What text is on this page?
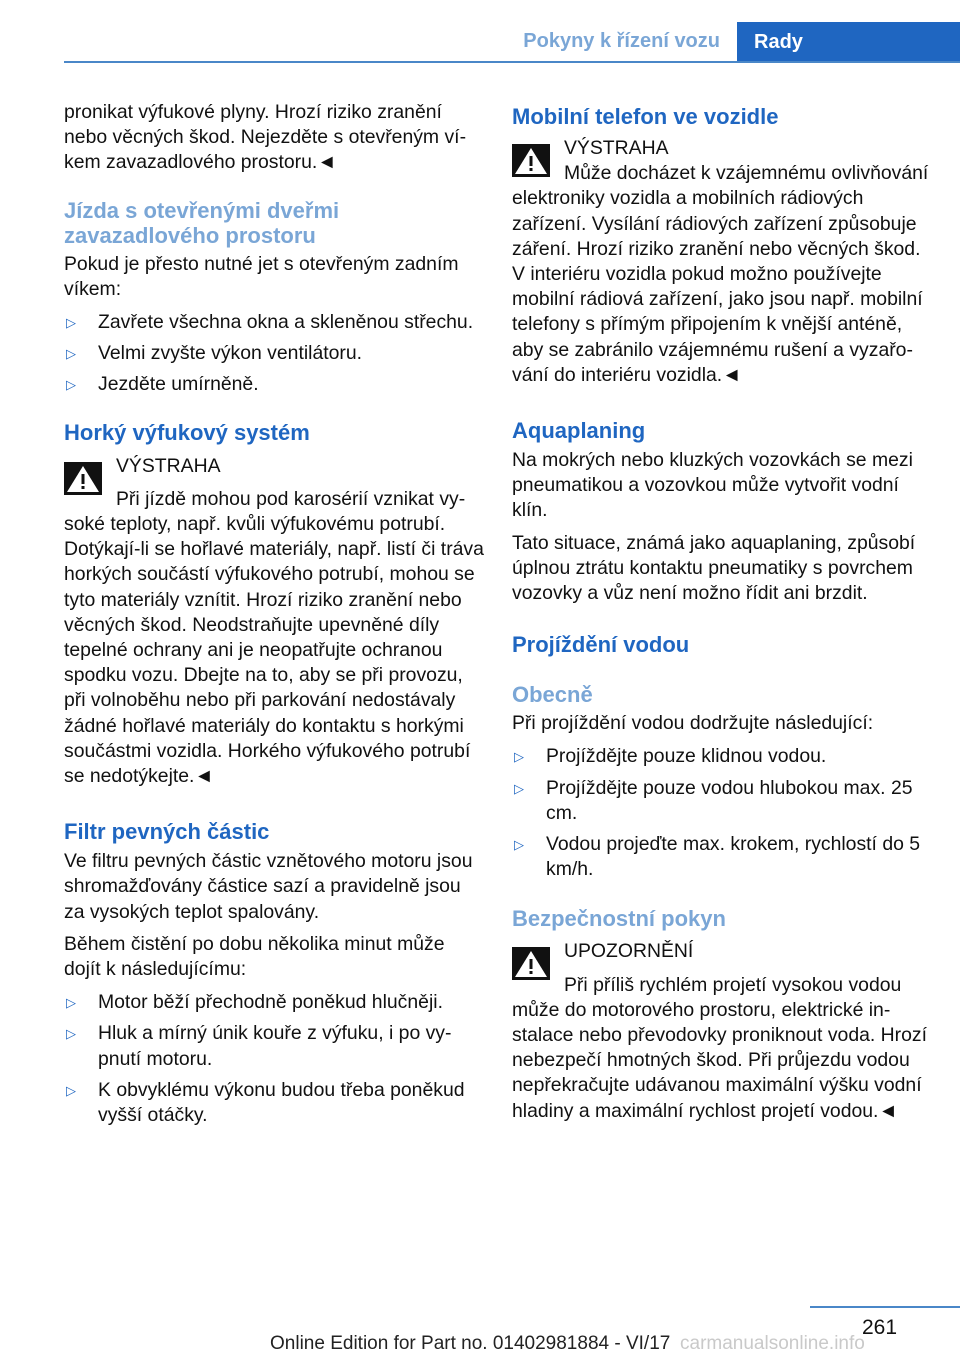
Pokyny k řízení vozu	Rady

pronikat výfukové plyny. Hrozí riziko zranění nebo věcných škod. Nejezděte s otevřeným víkem zavazadlového prostoru.◄

Jízda s otevřenými dveřmi zavazadlového prostoru

Pokud je přesto nutné jet s otevřeným zadním víkem:

▷ Zavřete všechna okna a skleněnou střechu.
▷ Velmi zvyšte výkon ventilátoru.
▷ Jezděte umírněně.
Horký výfukový systém
VÝSTRAHA
Při jízdě mohou pod karosérií vznikat vysoké teploty, např. kvůli výfukovému potrubí. Dotýkají-li se hořlavé materiály, např. listí či tráva horkých součástí výfukového potrubí, mohou se tyto materiály vznítit. Hrozí riziko zranění nebo věcných škod. Neodstraňujte upevněné díly tepelné ochrany ani je neopatřujte ochranou spodku vozu. Dbejte na to, aby se při provozu, při volnoběhu nebo při parkování nedostávaly žádné hořlavé materiály do kontaktu s horkými součástmi vozidla. Horkého výfukového potrubí se nedotýkejte.◄
Filtr pevných částic

Ve filtru pevných částic vznětového motoru jsou shromažďovány částice sazí a pravidelně jsou za vysokých teplot spalovány.

Během čistění po dobu několika minut může dojít k následujícímu:

▷ Motor běží přechodně poněkud hlučněji.
▷ Hluk a mírný únik kouře z výfuku, i po vypnutí motoru.
▷ K obvyklému výkonu budou třeba poněkud vyšší otáčky.
Mobilní telefon ve vozidle
VÝSTRAHA
Může docházet k vzájemnému ovlivňování elektroniky vozidla a mobilních rádiových zařízení. Vysílání rádiových zařízení způsobuje záření. Hrozí riziko zranění nebo věcných škod. V interiéru vozidla pokud možno používejte mobilní rádiová zařízení, jako jsou např. mobilní telefony s přímým připojením k vnější anténě, aby se zabránilo vzájemnému rušení a vyzařování do interiéru vozidla.◄
Aquaplaning

Na mokrých nebo kluzkých vozovkách se mezi pneumatikou a vozovkou může vytvořit vodní klín.

Tato situace, známá jako aquaplaning, způsobí úplnou ztrátu kontaktu pneumatiky s povrchem vozovky a vůz není možno řídit ani brzdit.

Projíždění vodou
Obecně

Při projíždění vodou dodržujte následující:

▷ Projíždějte pouze klidnou vodou.
▷ Projíždějte pouze vodou hlubokou max. 25 cm.
▷ Vodou projeďte max. krokem, rychlostí do 5 km/h.
Bezpečnostní pokyn
UPOZORNĚNÍ
Při příliš rychlém projetí vysokou vodou může do motorového prostoru, elektrické instalace nebo převodovky proniknout voda. Hrozí nebezpečí hmotných škod. Při průjezdu vodou nepřekračujte udávanou maximální výšku vodní hladiny a maximální rychlost projetí vodou.◄
261
Online Edition for Part no. 01402981884 - VI/17 carmanualsonline.info
